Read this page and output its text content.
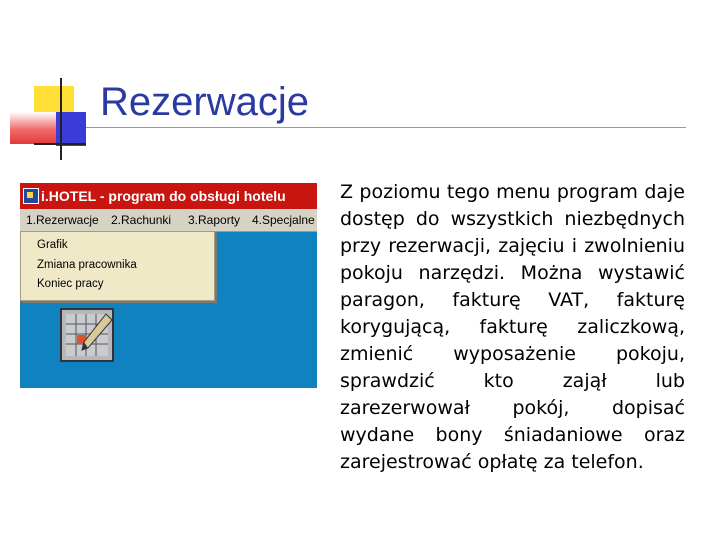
Rezerwacje
i.HOTEL - program do obsługi hotelu
1.Rezerwacje 2.Rachunki 3.Raporty 4.Specjalne
Grafik
Zmiana pracownika
Koniec pracy
Z poziomu tego menu program daje dostęp do wszystkich niezbędnych przy rezerwacji, zajęciu i zwolnieniu pokoju narzędzi. Można wystawić paragon, fakturę VAT, fakturę korygującą, fakturę zaliczkową, zmienić wyposażenie pokoju, sprawdzić kto zajął lub zarezerwował pokój, dopisać wydane bony śniadaniowe oraz zarejestrować opłatę za telefon.
